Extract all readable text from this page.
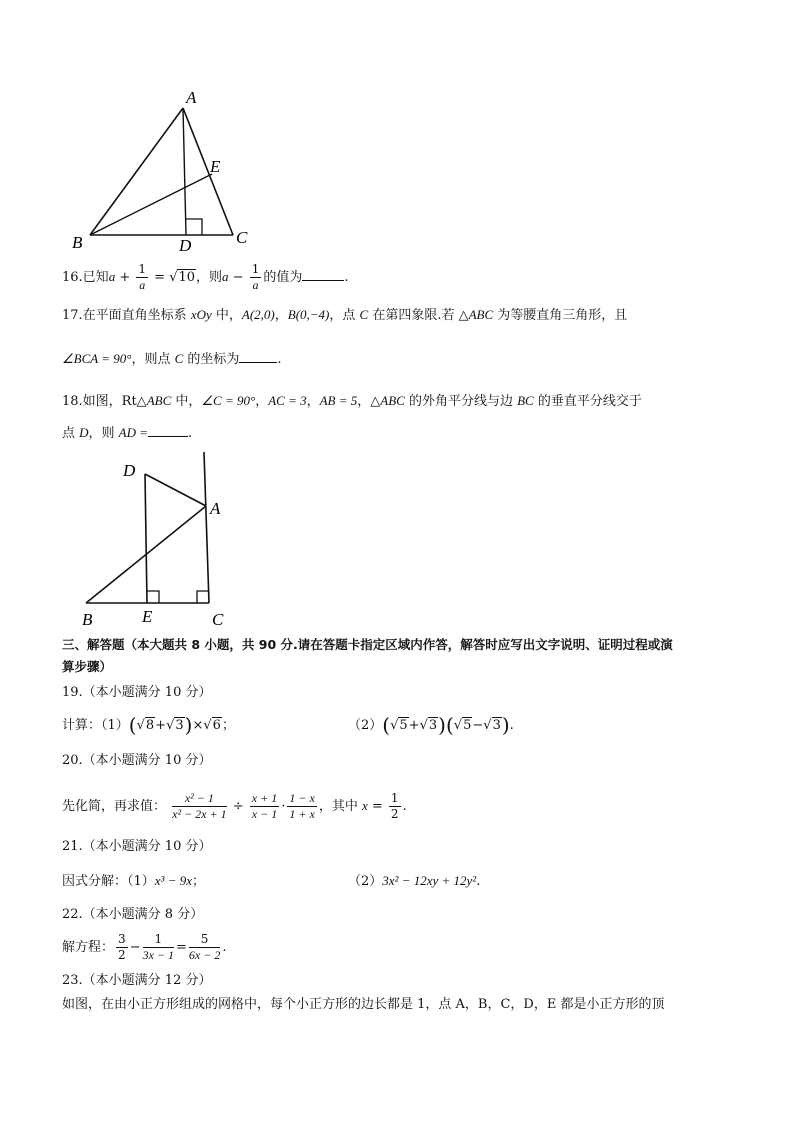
A
B	C
D
E
16.已知$a + \frac{1}{a} = √10$，则$a - \frac{1}{a}$ 的值为	.
17.在平面直角坐标系 xOy 中，A(2,0)，B(0,−4)，点 C 在第四象限.若 △ABC 为等腰直角三角形，且
∠BCA = 90°，则点 C 的坐标为	.
18.如图，Rt△ABC 中，∠C = 90°，AC = 3，AB = 5，△ABC 的外角平分线与边 BC 的垂直平分线交于
点 D，则 AD =	.
D
A
B	E	C
三、解答题（本大题共 8 小题，共 90 分.请在答题卡指定区域内作答，解答时应写出文字说明、证明过程或演
算步骤）
19.（本小题满分 10 分）
计算：（1）(√8+√3)×√6；	（2）(√5+√3)(√5−√3).
20.（本小题满分 10 分）
先化简，再求值： $\frac{\text{x² − 1}}{\text{x² − 2x + 1}} \div \frac{x + 1}{x - 1} \cdot \frac{1 - x}{1 + x}$ ，其中 $x = \frac{1}{2}$ .
21.（本小题满分 10 分）
因式分解：（1）x³ − 9x；	（2）3x² − 12xy + 12y².
22.（本小题满分 8 分）
解方程： $\frac{3}{2} - \frac{1}{3x - 1} = \frac{5}{6x - 2}$ .
23.（本小题满分 12 分）
如图，在由小正方形组成的网格中，每个小正方形的边长都是 1，点 A，B，C，D，E 都是小正方形的顶
